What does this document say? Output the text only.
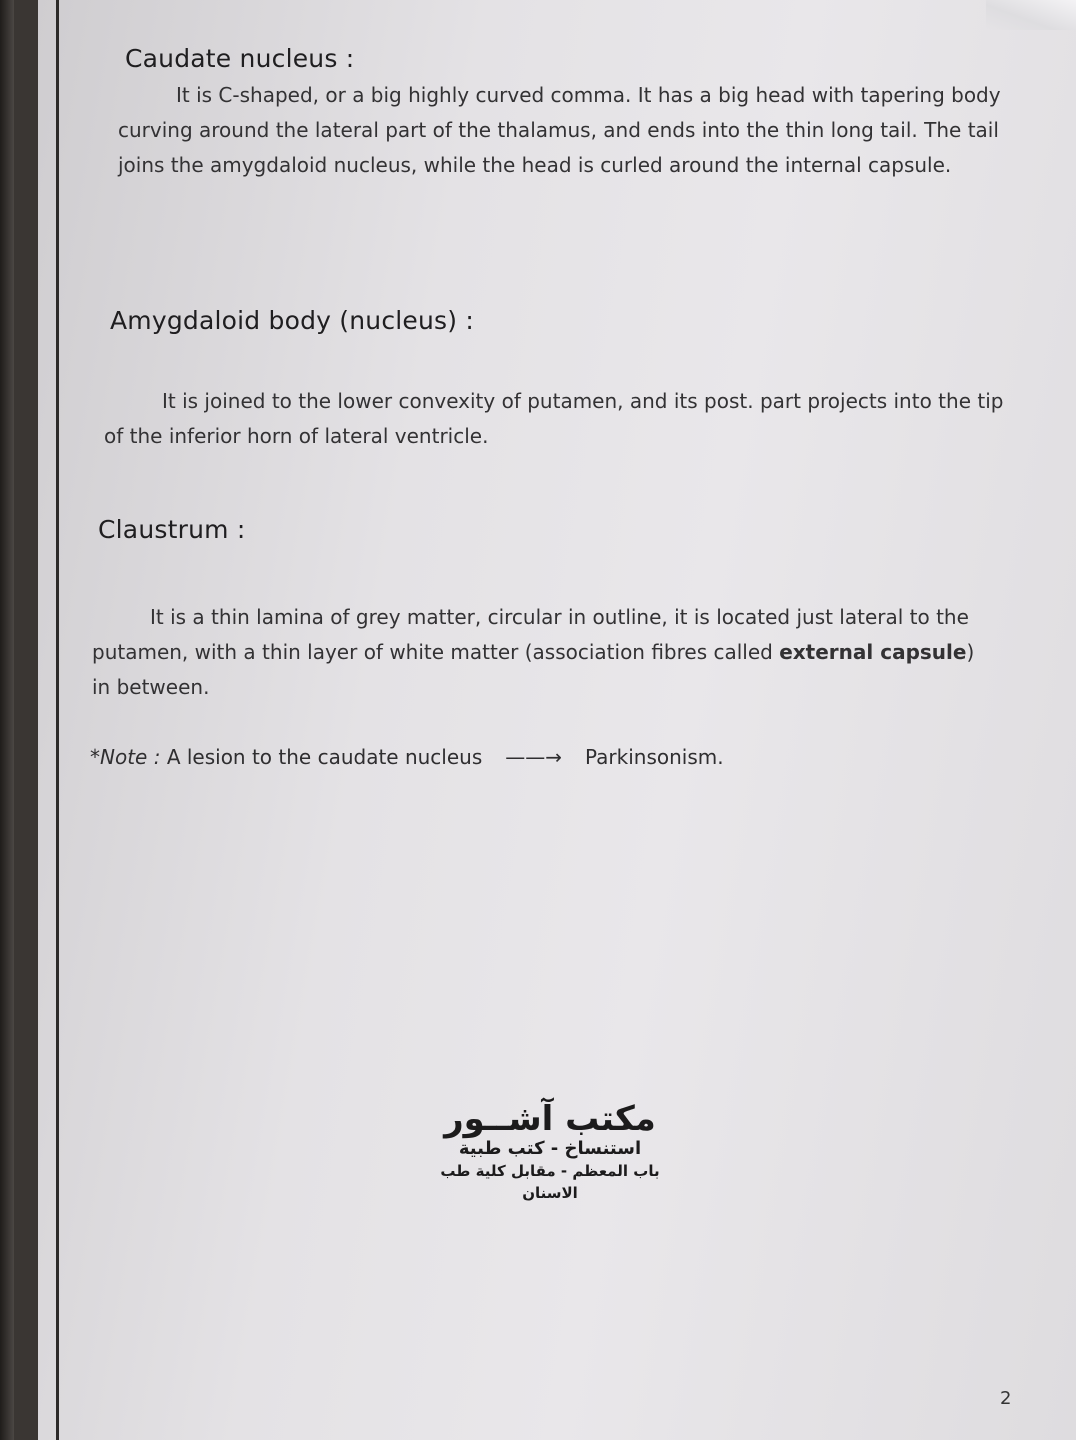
Caudate nucleus :

It is C-shaped, or a big highly curved comma. It has a big head with tapering body curving around the lateral part of the thalamus, and ends into the thin long tail. The tail joins the amygdaloid nucleus, while the head is curled around the internal capsule.

Amygdaloid body (nucleus) :

It is joined to the lower convexity of putamen, and its post. part projects into the tip of the inferior horn of lateral ventricle.

Claustrum :

It is a thin lamina of grey matter, circular in outline, it is located just lateral to the putamen, with a thin layer of white matter (association fibres called external capsule) in between.

*Note : A lesion to the caudate nucleus ——→ Parkinsonism.
مكتب آشــور
استنساخ - كتب طبية
باب المعظم - مقابل كلية طب الاسنان
2
